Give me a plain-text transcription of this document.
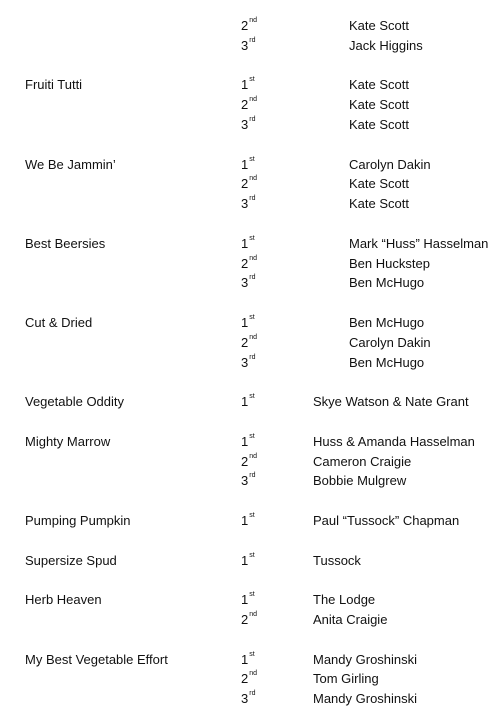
2nd	Kate Scott
3rd	Jack Higgins
Fruiti Tutti	1st	Kate Scott
2nd	Kate Scott
3rd	Kate Scott
We Be Jammin’	1st	Carolyn Dakin
2nd	Kate Scott
3rd	Kate Scott
Best Beersies	1st	Mark “Huss” Hasselman
2nd	Ben Huckstep
3rd	Ben McHugo
Cut & Dried	1st	Ben McHugo
2nd	Carolyn Dakin
3rd	Ben McHugo
Vegetable Oddity	1st	Skye Watson & Nate Grant
Mighty Marrow	1st	Huss & Amanda Hasselman
2nd	Cameron Craigie
3rd	Bobbie Mulgrew
Pumping Pumpkin	1st	Paul “Tussock” Chapman
Supersize Spud	1st	Tussock
Herb Heaven	1st	The Lodge
2nd	Anita Craigie
My Best Vegetable Effort	1st	Mandy Groshinski
2nd	Tom Girling
3rd	Mandy Groshinski
